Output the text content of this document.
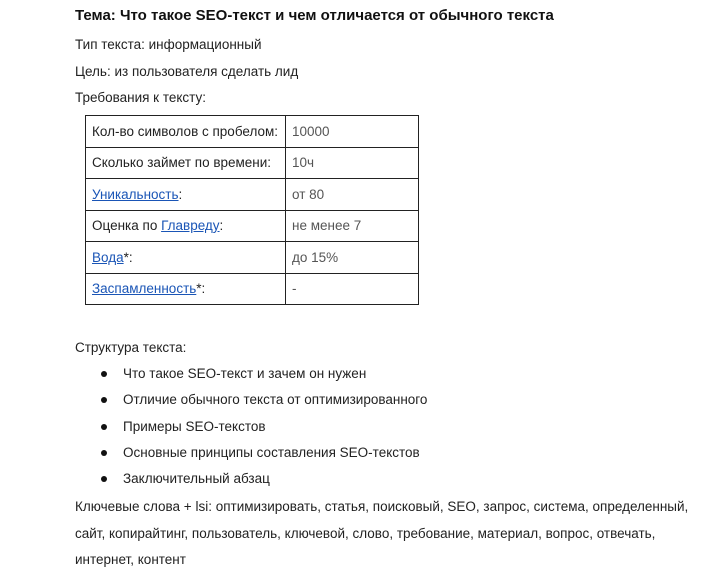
Тема: Что такое SEO-текст и чем отличается от обычного текста
Тип текста: информационный
Цель: из пользователя сделать лид
Требования к тексту:
Кол-во символов с пробелом:	10000
Сколько займет по времени:	10ч
Уникальность:	от 80
Оценка по Главреду:	не менее 7
Вода*:	до 15%
Заспамленность*:	-
Структура текста:
Что такое SEO-текст и зачем он нужен
Отличие обычного текста от оптимизированного
Примеры SEO-текстов
Основные принципы составления SEO-текстов
Заключительный абзац
Ключевые слова + lsi: оптимизировать, статья, поисковый, SEO, запрос, система, определенный, сайт, копирайтинг, пользователь, ключевой, слово, требование, материал, вопрос, отвечать, интернет, контент
